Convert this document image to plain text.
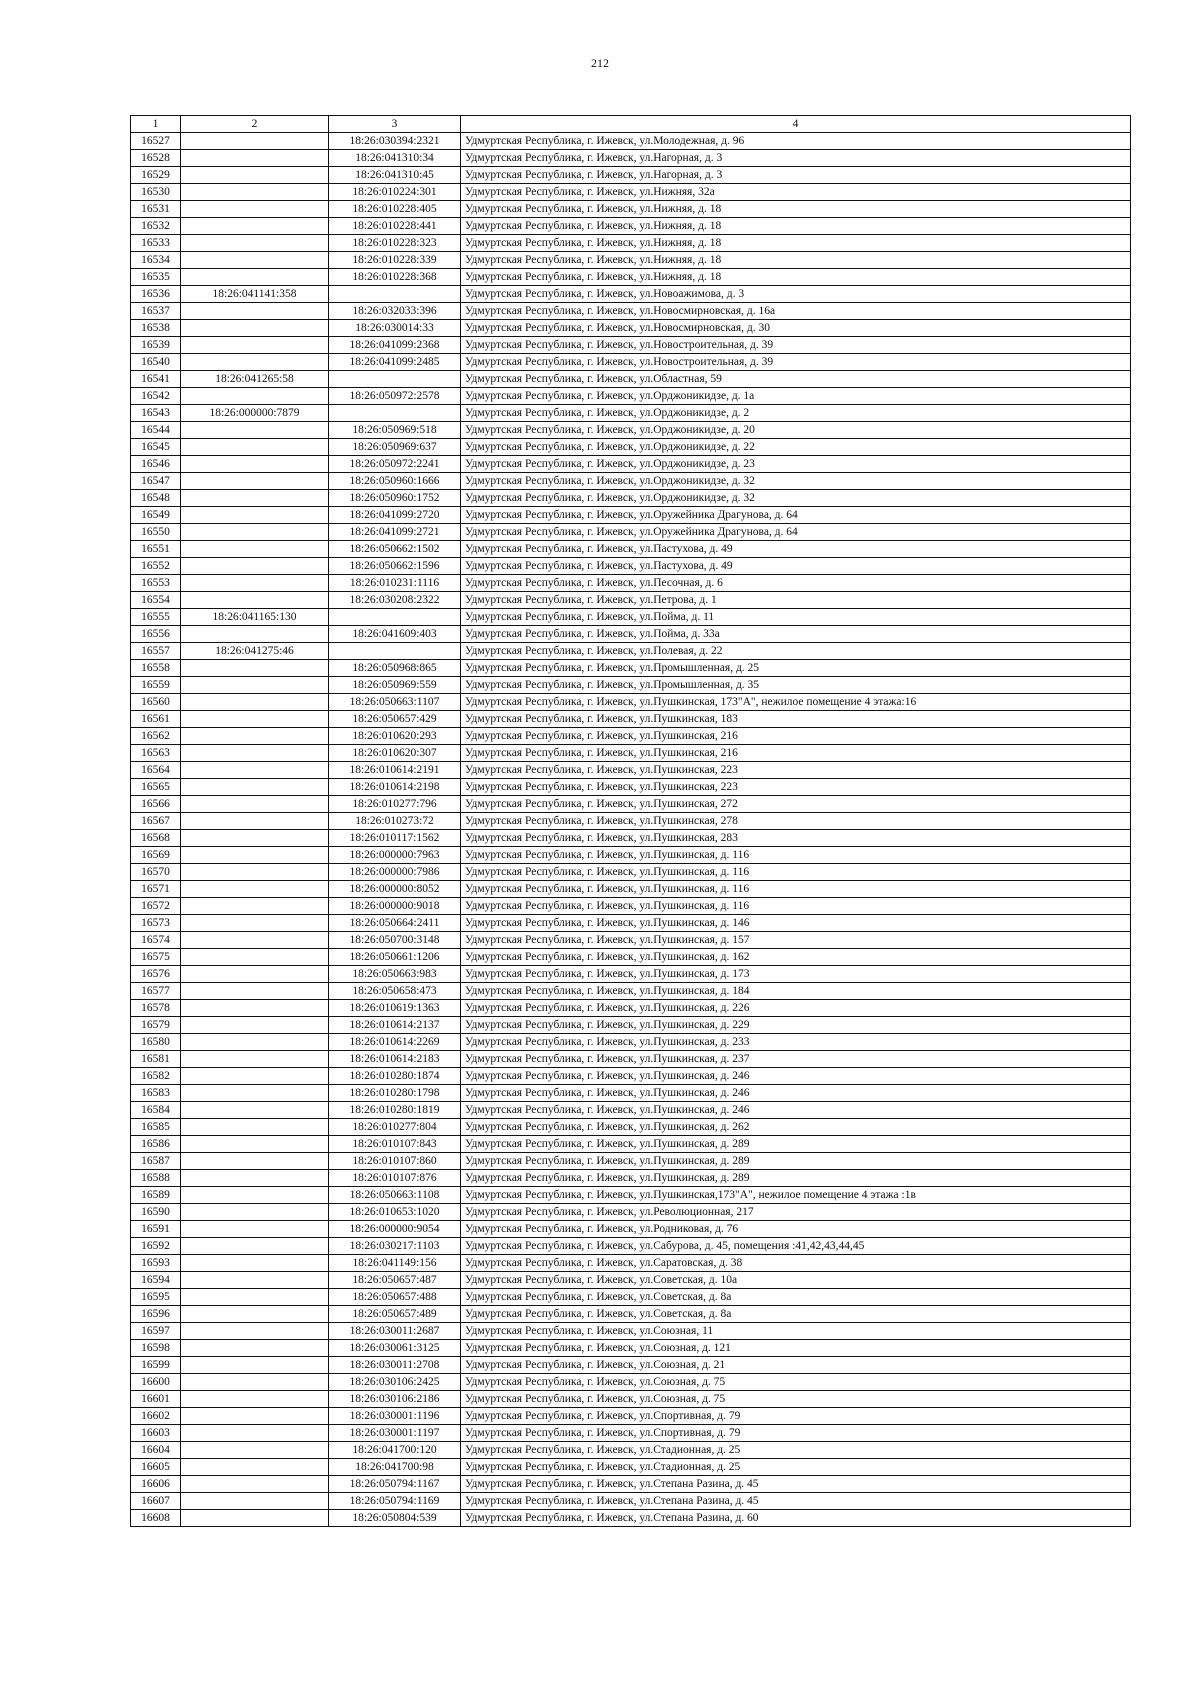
212
1	2	3	4
16527		18:26:030394:2321	Удмуртская Республика, г. Ижевск, ул.Молодежная, д. 96
16528		18:26:041310:34	Удмуртская Республика, г. Ижевск, ул.Нагорная, д. 3
16529		18:26:041310:45	Удмуртская Республика, г. Ижевск, ул.Нагорная, д. 3
16530		18:26:010224:301	Удмуртская Республика, г. Ижевск, ул.Нижняя, 32а
16531		18:26:010228:405	Удмуртская Республика, г. Ижевск, ул.Нижняя, д. 18
16532		18:26:010228:441	Удмуртская Республика, г. Ижевск, ул.Нижняя, д. 18
16533		18:26:010228:323	Удмуртская Республика, г. Ижевск, ул.Нижняя, д. 18
16534		18:26:010228:339	Удмуртская Республика, г. Ижевск, ул.Нижняя, д. 18
16535		18:26:010228:368	Удмуртская Республика, г. Ижевск, ул.Нижняя, д. 18
16536	18:26:041141:358		Удмуртская Республика, г. Ижевск, ул.Новоажимова, д. 3
16537		18:26:032033:396	Удмуртская Республика, г. Ижевск, ул.Новосмирновская, д. 16а
16538		18:26:030014:33	Удмуртская Республика, г. Ижевск, ул.Новосмирновская, д. 30
16539		18:26:041099:2368	Удмуртская Республика, г. Ижевск, ул.Новостроительная, д. 39
16540		18:26:041099:2485	Удмуртская Республика, г. Ижевск, ул.Новостроительная, д. 39
16541	18:26:041265:58		Удмуртская Республика, г. Ижевск, ул.Областная, 59
16542		18:26:050972:2578	Удмуртская Республика, г. Ижевск, ул.Орджоникидзе, д. 1а
16543	18:26:000000:7879		Удмуртская Республика, г. Ижевск, ул.Орджоникидзе, д. 2
16544		18:26:050969:518	Удмуртская Республика, г. Ижевск, ул.Орджоникидзе, д. 20
16545		18:26:050969:637	Удмуртская Республика, г. Ижевск, ул.Орджоникидзе, д. 22
16546		18:26:050972:2241	Удмуртская Республика, г. Ижевск, ул.Орджоникидзе, д. 23
16547		18:26:050960:1666	Удмуртская Республика, г. Ижевск, ул.Орджоникидзе, д. 32
16548		18:26:050960:1752	Удмуртская Республика, г. Ижевск, ул.Орджоникидзе, д. 32
16549		18:26:041099:2720	Удмуртская Республика, г. Ижевск, ул.Оружейника Драгунова, д. 64
16550		18:26:041099:2721	Удмуртская Республика, г. Ижевск, ул.Оружейника Драгунова, д. 64
16551		18:26:050662:1502	Удмуртская Республика, г. Ижевск, ул.Пастухова, д. 49
16552		18:26:050662:1596	Удмуртская Республика, г. Ижевск, ул.Пастухова, д. 49
16553		18:26:010231:1116	Удмуртская Республика, г. Ижевск, ул.Песочная, д. 6
16554		18:26:030208:2322	Удмуртская Республика, г. Ижевск, ул.Петрова, д. 1
16555	18:26:041165:130		Удмуртская Республика, г. Ижевск, ул.Пойма, д. 11
16556		18:26:041609:403	Удмуртская Республика, г. Ижевск, ул.Пойма, д. 33а
16557	18:26:041275:46		Удмуртская Республика, г. Ижевск, ул.Полевая, д. 22
16558		18:26:050968:865	Удмуртская Республика, г. Ижевск, ул.Промышленная, д. 25
16559		18:26:050969:559	Удмуртская Республика, г. Ижевск, ул.Промышленная, д. 35
16560		18:26:050663:1107	Удмуртская Республика, г. Ижевск, ул.Пушкинская, 173"А", нежилое помещение 4 этажа:16
16561		18:26:050657:429	Удмуртская Республика, г. Ижевск, ул.Пушкинская, 183
16562		18:26:010620:293	Удмуртская Республика, г. Ижевск, ул.Пушкинская, 216
16563		18:26:010620:307	Удмуртская Республика, г. Ижевск, ул.Пушкинская, 216
16564		18:26:010614:2191	Удмуртская Республика, г. Ижевск, ул.Пушкинская, 223
16565		18:26:010614:2198	Удмуртская Республика, г. Ижевск, ул.Пушкинская, 223
16566		18:26:010277:796	Удмуртская Республика, г. Ижевск, ул.Пушкинская, 272
16567		18:26:010273:72	Удмуртская Республика, г. Ижевск, ул.Пушкинская, 278
16568		18:26:010117:1562	Удмуртская Республика, г. Ижевск, ул.Пушкинская, 283
16569		18:26:000000:7963	Удмуртская Республика, г. Ижевск, ул.Пушкинская, д. 116
16570		18:26:000000:7986	Удмуртская Республика, г. Ижевск, ул.Пушкинская, д. 116
16571		18:26:000000:8052	Удмуртская Республика, г. Ижевск, ул.Пушкинская, д. 116
16572		18:26:000000:9018	Удмуртская Республика, г. Ижевск, ул.Пушкинская, д. 116
16573		18:26:050664:2411	Удмуртская Республика, г. Ижевск, ул.Пушкинская, д. 146
16574		18:26:050700:3148	Удмуртская Республика, г. Ижевск, ул.Пушкинская, д. 157
16575		18:26:050661:1206	Удмуртская Республика, г. Ижевск, ул.Пушкинская, д. 162
16576		18:26:050663:983	Удмуртская Республика, г. Ижевск, ул.Пушкинская, д. 173
16577		18:26:050658:473	Удмуртская Республика, г. Ижевск, ул.Пушкинская, д. 184
16578		18:26:010619:1363	Удмуртская Республика, г. Ижевск, ул.Пушкинская, д. 226
16579		18:26:010614:2137	Удмуртская Республика, г. Ижевск, ул.Пушкинская, д. 229
16580		18:26:010614:2269	Удмуртская Республика, г. Ижевск, ул.Пушкинская, д. 233
16581		18:26:010614:2183	Удмуртская Республика, г. Ижевск, ул.Пушкинская, д. 237
16582		18:26:010280:1874	Удмуртская Республика, г. Ижевск, ул.Пушкинская, д. 246
16583		18:26:010280:1798	Удмуртская Республика, г. Ижевск, ул.Пушкинская, д. 246
16584		18:26:010280:1819	Удмуртская Республика, г. Ижевск, ул.Пушкинская, д. 246
16585		18:26:010277:804	Удмуртская Республика, г. Ижевск, ул.Пушкинская, д. 262
16586		18:26:010107:843	Удмуртская Республика, г. Ижевск, ул.Пушкинская, д. 289
16587		18:26:010107:860	Удмуртская Республика, г. Ижевск, ул.Пушкинская, д. 289
16588		18:26:010107:876	Удмуртская Республика, г. Ижевск, ул.Пушкинская, д. 289
16589		18:26:050663:1108	Удмуртская Республика, г. Ижевск, ул.Пушкинская,173"А", нежилое помещение 4 этажа :1в
16590		18:26:010653:1020	Удмуртская Республика, г. Ижевск, ул.Революционная, 217
16591		18:26:000000:9054	Удмуртская Республика, г. Ижевск, ул.Родниковая, д. 76
16592		18:26:030217:1103	Удмуртская Республика, г. Ижевск, ул.Сабурова, д. 45, помещения :41,42,43,44,45
16593		18:26:041149:156	Удмуртская Республика, г. Ижевск, ул.Саратовская, д. 38
16594		18:26:050657:487	Удмуртская Республика, г. Ижевск, ул.Советская, д. 10а
16595		18:26:050657:488	Удмуртская Республика, г. Ижевск, ул.Советская, д. 8а
16596		18:26:050657:489	Удмуртская Республика, г. Ижевск, ул.Советская, д. 8а
16597		18:26:030011:2687	Удмуртская Республика, г. Ижевск, ул.Союзная, 11
16598		18:26:030061:3125	Удмуртская Республика, г. Ижевск, ул.Союзная, д. 121
16599		18:26:030011:2708	Удмуртская Республика, г. Ижевск, ул.Союзная, д. 21
16600		18:26:030106:2425	Удмуртская Республика, г. Ижевск, ул.Союзная, д. 75
16601		18:26:030106:2186	Удмуртская Республика, г. Ижевск, ул.Союзная, д. 75
16602		18:26:030001:1196	Удмуртская Республика, г. Ижевск, ул.Спортивная, д. 79
16603		18:26:030001:1197	Удмуртская Республика, г. Ижевск, ул.Спортивная, д. 79
16604		18:26:041700:120	Удмуртская Республика, г. Ижевск, ул.Стадионная, д. 25
16605		18:26:041700:98	Удмуртская Республика, г. Ижевск, ул.Стадионная, д. 25
16606		18:26:050794:1167	Удмуртская Республика, г. Ижевск, ул.Степана Разина, д. 45
16607		18:26:050794:1169	Удмуртская Республика, г. Ижевск, ул.Степана Разина, д. 45
16608		18:26:050804:539	Удмуртская Республика, г. Ижевск, ул.Степана Разина, д. 60
